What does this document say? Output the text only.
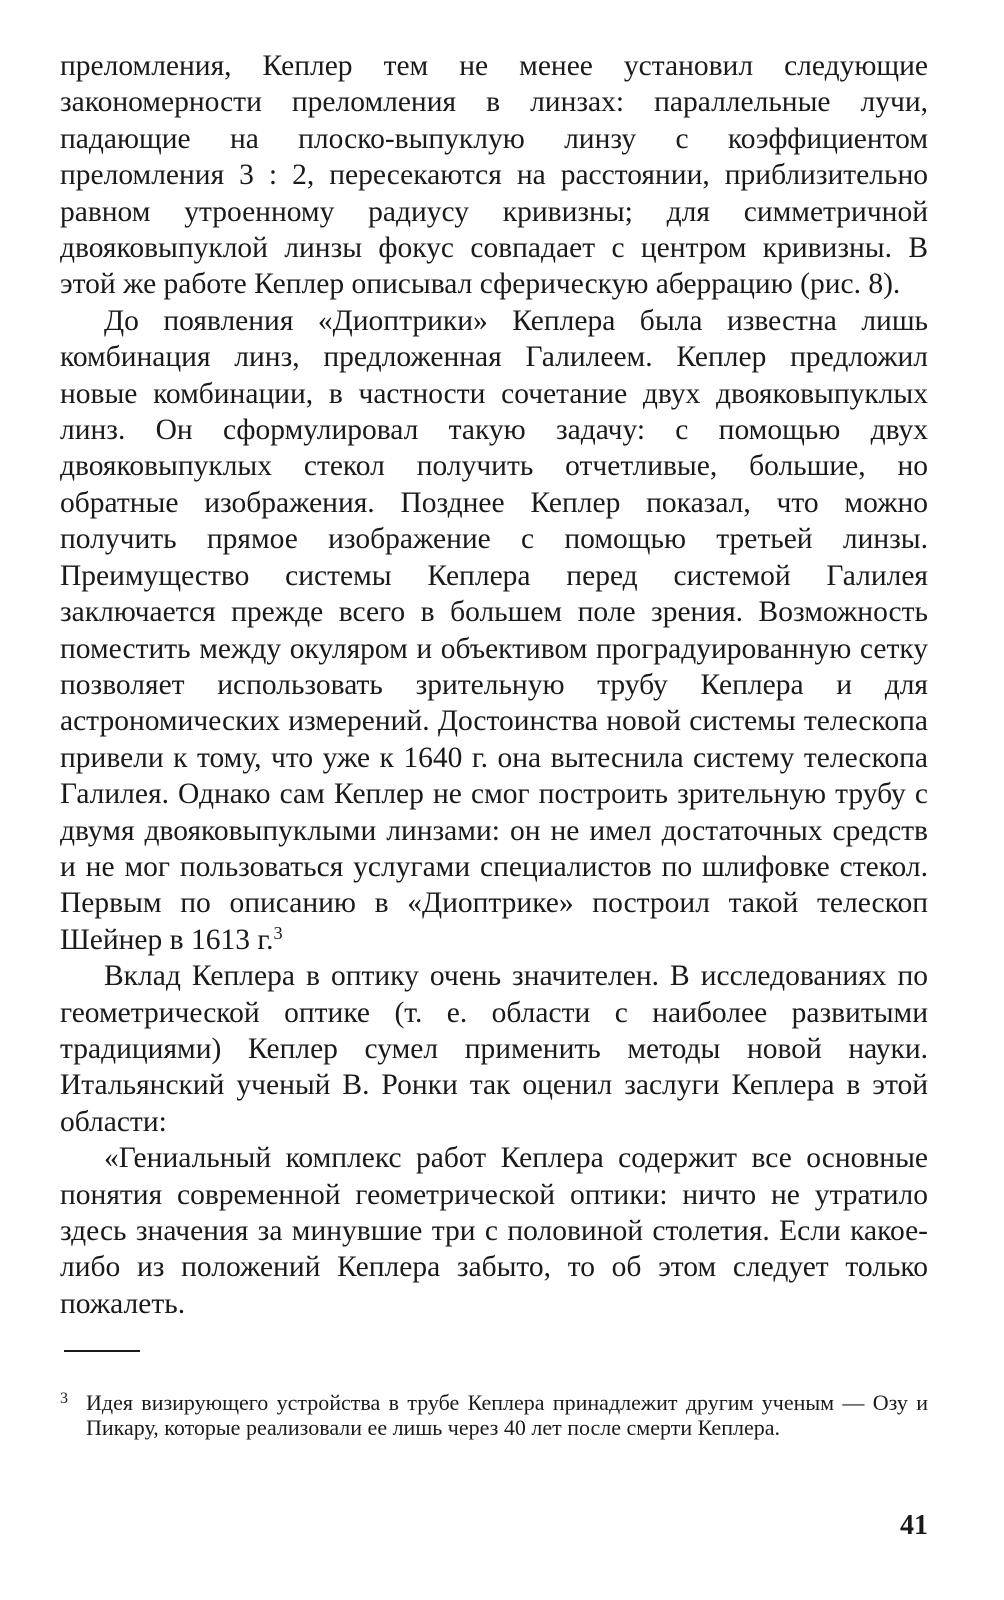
преломления, Кеплер тем не менее установил следующие закономерности преломления в линзах: параллельные лучи, падающие на плоско-выпуклую линзу с коэффициентом преломления 3 : 2, пересекаются на расстоянии, приблизительно равном утроенному радиусу кривизны; для симметричной двояковыпуклой линзы фокус совпадает с центром кривизны. В этой же работе Кеплер описывал сферическую аберрацию (рис. 8).

До появления «Диоптрики» Кеплера была известна лишь комбинация линз, предложенная Галилеем. Кеплер предложил новые комбинации, в частности сочетание двух двояковыпуклых линз. Он сформулировал такую задачу: с помощью двух двояковыпуклых стекол получить отчетливые, большие, но обратные изображения. Позднее Кеплер показал, что можно получить прямое изображение с помощью третьей линзы. Преимущество системы Кеплера перед системой Галилея заключается прежде всего в большем поле зрения. Возможность поместить между окуляром и объективом проградуированную сетку позволяет использовать зрительную трубу Кеплера и для астрономических измерений. Достоинства новой системы телескопа привели к тому, что уже к 1640 г. она вытеснила систему телескопа Галилея. Однако сам Кеплер не смог построить зрительную трубу с двумя двояковыпуклыми линзами: он не имел достаточных средств и не мог пользоваться услугами специалистов по шлифовке стекол. Первым по описанию в «Диоптрике» построил такой телескоп Шейнер в 1613 г.$^3$

Вклад Кеплера в оптику очень значителен. В исследованиях по геометрической оптике (т. е. области с наиболее развитыми традициями) Кеплер сумел применить методы новой науки. Итальянский ученый В. Ронки так оценил заслуги Кеплера в этой области:

«Гениальный комплекс работ Кеплера содержит все основные понятия современной геометрической оптики: ничто не утратило здесь значения за минувшие три с половиной столетия. Если какое-либо из положений Кеплера забыто, то об этом следует только пожалеть.

3 Идея визирующего устройства в трубе Кеплера принадлежит другим ученым — Озу и Пикару, которые реализовали ее лишь через 40 лет после смерти Кеплера.
41
